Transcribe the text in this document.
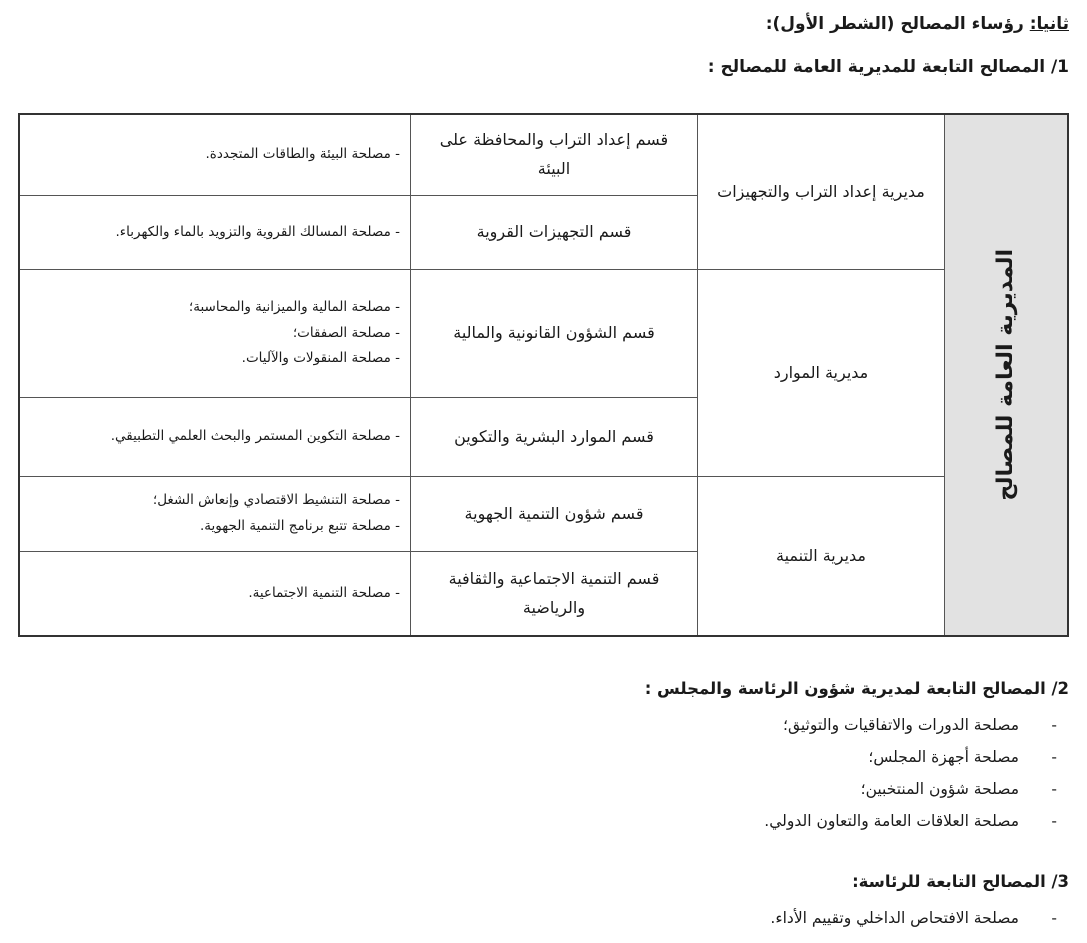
ثانيا: رؤساء المصالح (الشطر الأول):
1/ المصالح التابعة للمديرية العامة للمصالح :
المديرية العامة للمصالح
مديرية إعداد التراب والتجهيزات
مديرية الموارد
مديرية التنمية
قسم إعداد التراب والمحافظة على البيئة
قسم التجهيزات القروية
قسم الشؤون القانونية والمالية
قسم الموارد البشرية والتكوين
قسم شؤون التنمية الجهوية
قسم التنمية الاجتماعية والثقافية والرياضية
- مصلحة البيئة والطاقات المتجددة.
- مصلحة المسالك القروية والتزويد بالماء والكهرباء.
- مصلحة المالية والميزانية والمحاسبة؛
- مصلحة الصفقات؛
- مصلحة المنقولات والآليات.
- مصلحة التكوين المستمر والبحث العلمي التطبيقي.
- مصلحة التنشيط الاقتصادي وإنعاش الشغل؛
- مصلحة تتبع برنامج التنمية الجهوية.
- مصلحة التنمية الاجتماعية.
2/ المصالح التابعة لمديرية شؤون الرئاسة والمجلس :
-مصلحة الدورات والاتفاقيات والتوثيق؛
-مصلحة أجهزة المجلس؛
-مصلحة شؤون المنتخبين؛
-مصلحة العلاقات العامة والتعاون الدولي.
3/ المصالح التابعة للرئاسة:
-مصلحة الافتحاص الداخلي وتقييم الأداء.
